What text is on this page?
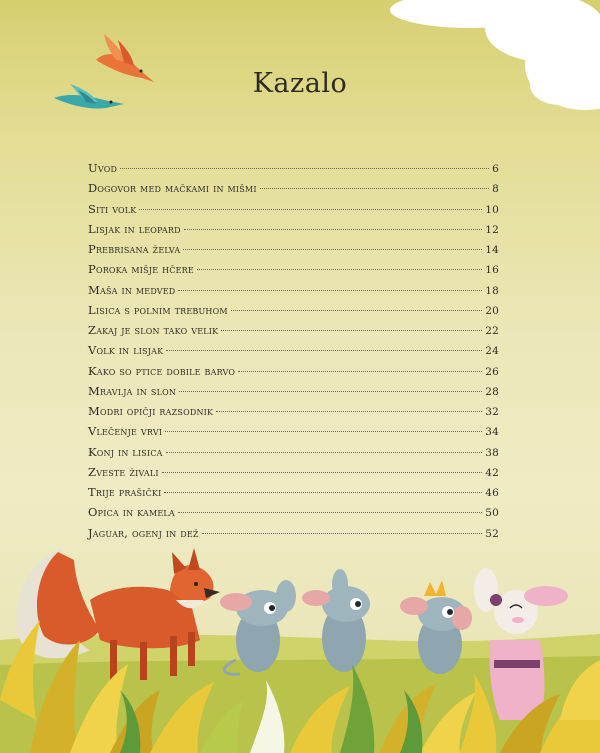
Kazalo
Uvod	6
Dogovor med mačkami in mišmi	8
Siti volk	10
Lisjak in leopard	12
Prebrisana želva	14
Poroka mišje hčere	16
Maša in medved	18
Lisica s polnim trebuhom	20
Zakaj je slon tako velik	22
Volk in lisjak	24
Kako so ptice dobile barvo	26
Mravlja in slon	28
Modri opičji razsodnik	32
Vlečenje vrvi	34
Konj in lisica	38
Zveste živali	42
Trije prašički	46
Opica in kamela	50
Jaguar, ogenj in dež	52
